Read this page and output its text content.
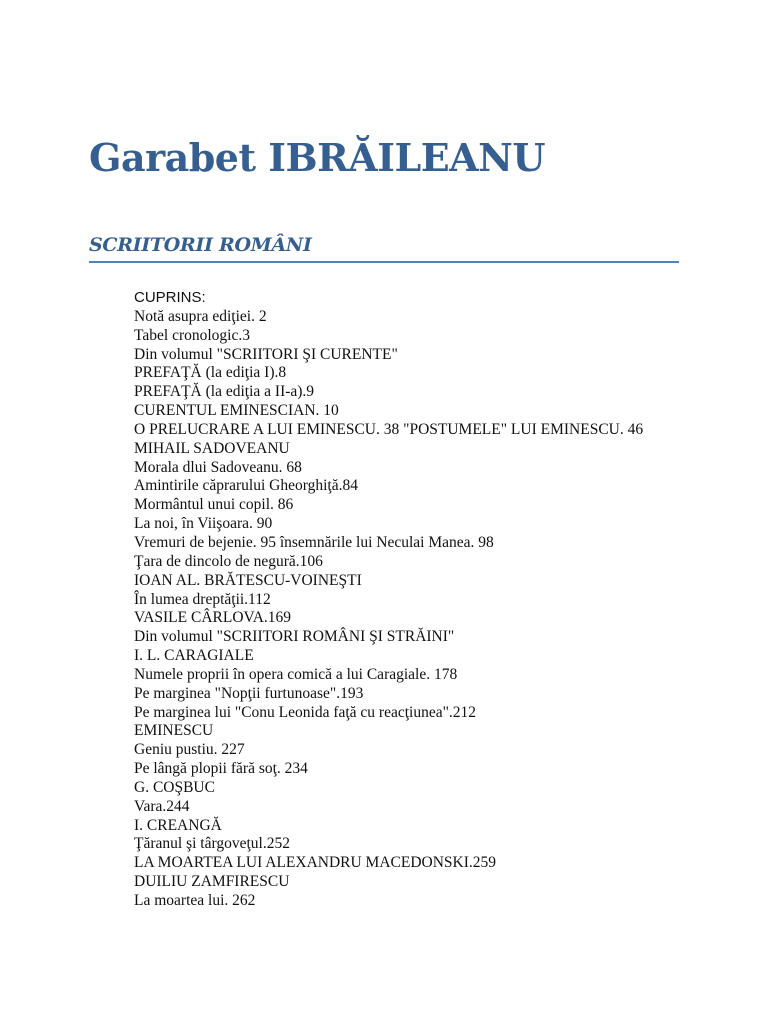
Garabet IBRĂILEANU
SCRIITORII ROMÂNI
CUPRINS:
Notă asupra ediţiei. 2
Tabel cronologic.3
Din volumul "SCRIITORI ŞI CURENTE"
PREFAŢĂ (la ediţia I).8
PREFAŢĂ (la ediţia a II-a).9
CURENTUL EMINESCIAN. 10
O PRELUCRARE A LUI EMINESCU. 38 "POSTUMELE" LUI EMINESCU. 46
MIHAIL SADOVEANU
Morala dlui Sadoveanu. 68
Amintirile căprarului Gheorghiţă.84
Mormântul unui copil. 86
La noi, în Viişoara. 90
Vremuri de bejenie. 95 însemnările lui Neculai Manea. 98
Ţara de dincolo de negură.106
IOAN AL. BRĂTESCU-VOINEŞTI
În lumea dreptăţii.112
VASILE CÂRLOVA.169
Din volumul "SCRIITORI ROMÂNI ŞI STRĂINI"
I. L. CARAGIALE
Numele proprii în opera comică a lui Caragiale. 178
Pe marginea "Nopţii furtunoase".193
Pe marginea lui "Conu Leonida faţă cu reacţiunea".212
EMINESCU
Geniu pustiu. 227
Pe lângă plopii fără soţ. 234
G. COŞBUC
Vara.244
I. CREANGĂ
Ţăranul şi târgoveţul.252
LA MOARTEA LUI ALEXANDRU MACEDONSKI.259
DUILIU ZAMFIRESCU
La moartea lui. 262
